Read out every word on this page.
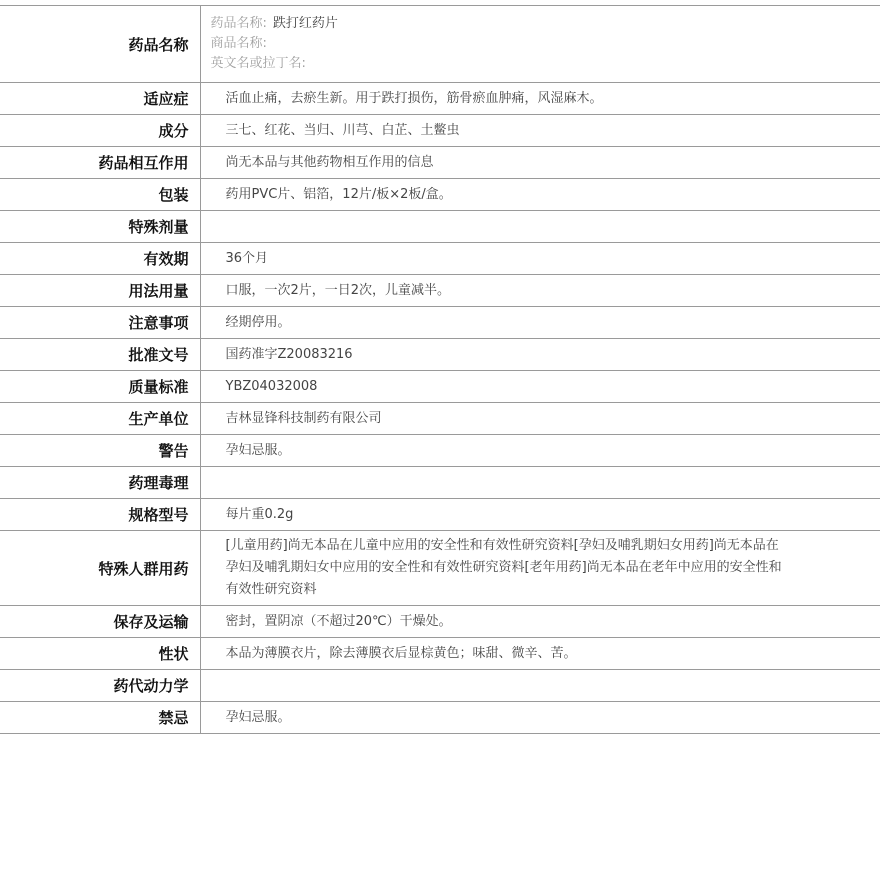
药品名称	药品名称: 跌打红药片
商品名称:
英文名或拉丁名:

适应症	活血止痛，去瘀生新。用于跌打损伤，筋骨瘀血肿痛，风湿麻木。
成分	三七、红花、当归、川芎、白芷、土鳖虫
药品相互作用	尚无本品与其他药物相互作用的信息
包装	药用PVC片、铝箔，12片/板×2板/盒。
特殊剂量	
有效期	36个月
用法用量	口服，一次2片，一日2次，儿童减半。
注意事项	经期停用。
批准文号	国药准字Z20083216
质量标准	YBZ04032008
生产单位	吉林显锋科技制药有限公司
警告	孕妇忌服。
药理毒理	
规格型号	每片重0.2g
特殊人群用药	[儿童用药]尚无本品在儿童中应用的安全性和有效性研究资料[孕妇及哺乳期妇女用药]尚无本品在孕妇及哺乳期妇女中应用的安全性和有效性研究资料[老年用药]尚无本品在老年中应用的安全性和有效性研究资料

保存及运输	密封，置阴凉（不超过20℃）干燥处。
性状	本品为薄膜衣片，除去薄膜衣后显棕黄色；味甜、微辛、苦。
药代动力学	
禁忌	孕妇忌服。
